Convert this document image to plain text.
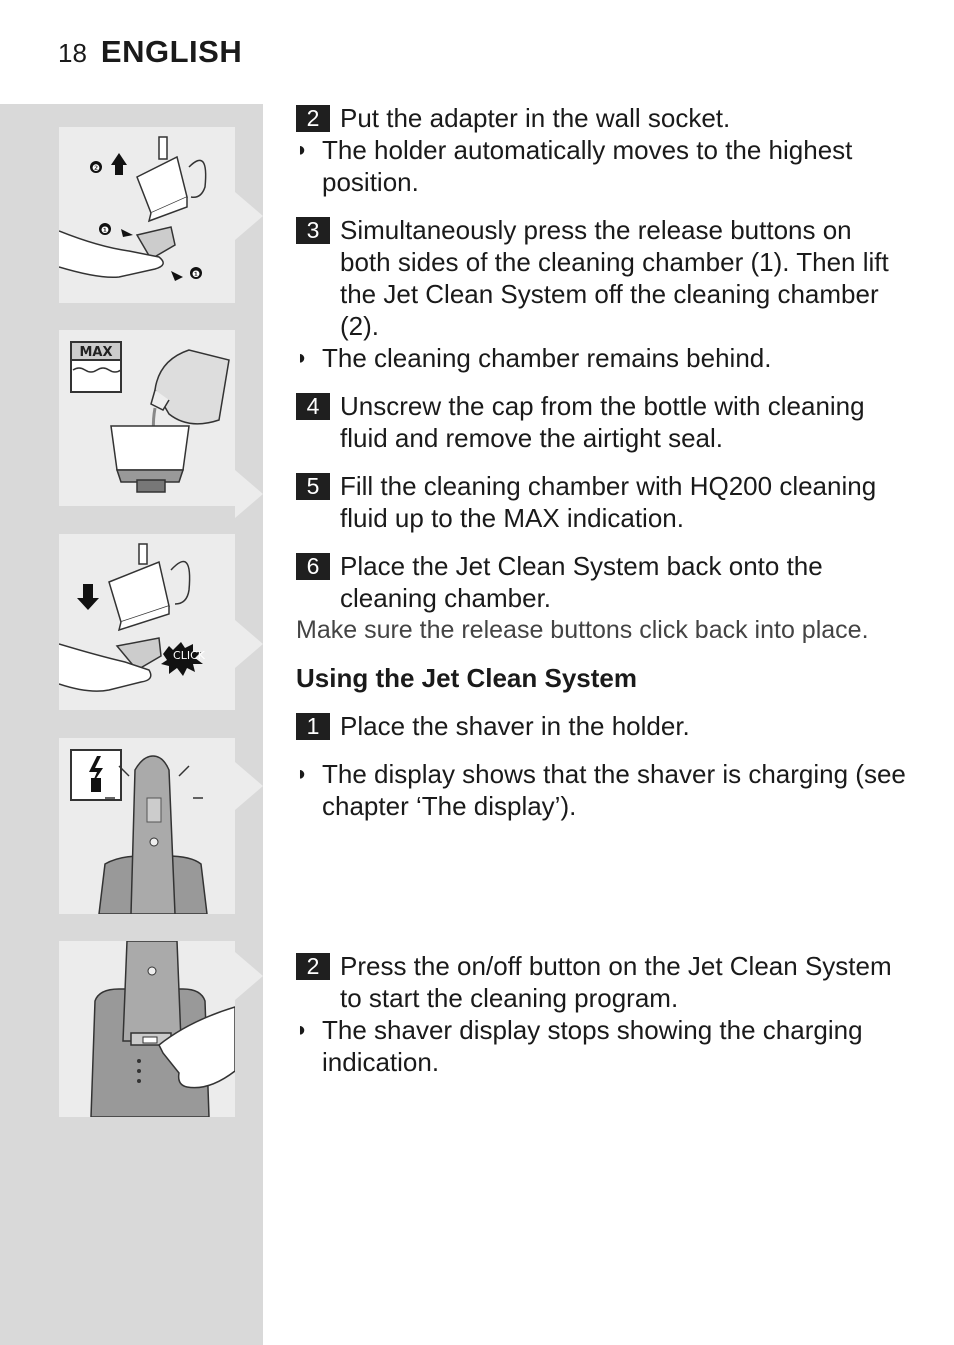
18 ENGLISH
❷
❶
❶
MAX
CLICK
2 Put the adapter in the wall socket.
◗ The holder automatically moves to the highest position.
3 Simultaneously press the release buttons on both sides of the cleaning chamber (1). Then lift the Jet Clean System off the cleaning chamber (2).
◗ The cleaning chamber remains behind.
4 Unscrew the cap from the bottle with cleaning fluid and remove the airtight seal.
5 Fill the cleaning chamber with HQ200 cleaning fluid up to the MAX indication.
6 Place the Jet Clean System back onto the cleaning chamber.
Make sure the release buttons click back into place.
Using the Jet Clean System
1 Place the shaver in the holder.
◗ The display shows that the shaver is charging (see chapter ‘The display’).
2 Press the on/off button on the Jet Clean System to start the cleaning program.
◗ The shaver display stops showing the charging indication.
